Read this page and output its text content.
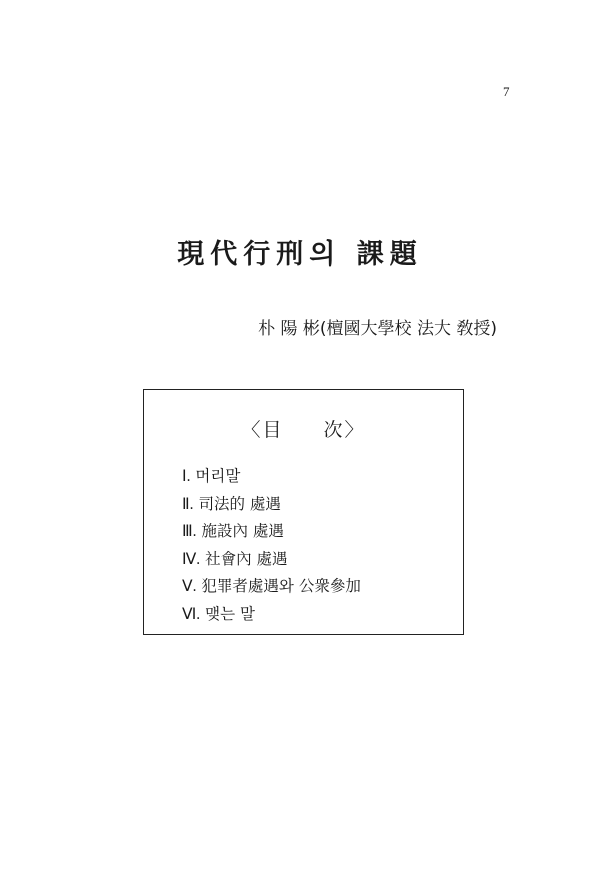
7
現代行刑의 課題
朴 陽 彬(檀國大學校 法大 敎授)
〈目 次〉
Ⅰ. 머리말
Ⅱ. 司法的 處遇
Ⅲ. 施設內 處遇
Ⅳ. 社會內 處遇
Ⅴ. 犯罪者處遇와 公衆參加
Ⅵ. 맺는 말
